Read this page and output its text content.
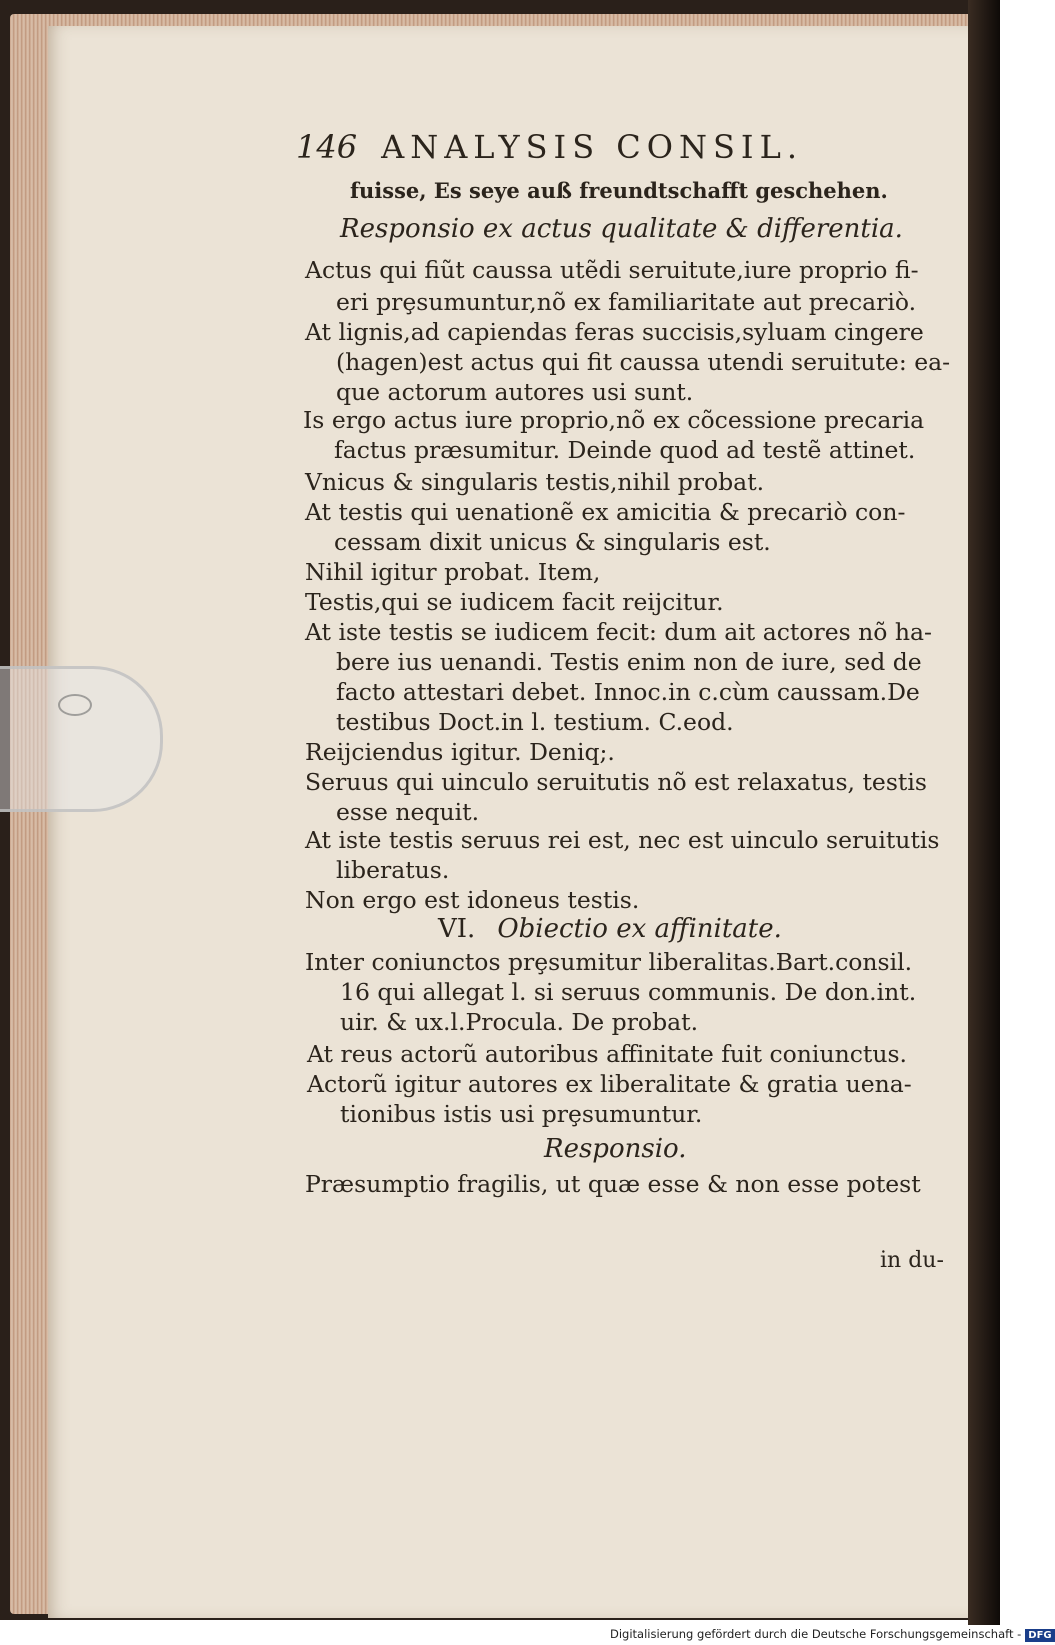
146 ANALYSIS CONSIL.
fuisse, Es seye auß freundtschafft geschehen.
Responsio ex actus qualitate & differentia.
Actus qui fiũt caussa utẽdi seruitute,iure proprio fi-
eri prȩsumuntur,nõ ex familiaritate aut precariò.
At lignis,ad capiendas feras succisis,syluam cingere
(hagen)est actus qui fit caussa utendi seruitute: ea-
que actorum autores usi sunt.
Is ergo actus iure proprio,nõ ex cõcessione precaria
factus præsumitur. Deinde quod ad testẽ attinet.
Vnicus & singularis testis,nihil probat.
At testis qui uenationẽ ex amicitia & precariò con-
cessam dixit unicus & singularis est.
Nihil igitur probat. Item,
Testis,qui se iudicem facit reijcitur.
At iste testis se iudicem fecit: dum ait actores nõ ha-
bere ius uenandi. Testis enim non de iure, sed de
facto attestari debet. Innoc.in c.cùm caussam.De
testibus Doct.in l. testium. C.eod.
Reijciendus igitur. Deniq;.
Seruus qui uinculo seruitutis nõ est relaxatus, testis
esse nequit.
At iste testis seruus rei est, nec est uinculo seruitutis
liberatus.
Non ergo est idoneus testis.
VI. Obiectio ex affinitate.
Inter coniunctos prȩsumitur liberalitas.Bart.consil.
16 qui allegat l. si seruus communis. De don.int.
uir. & ux.l.Procula. De probat.
At reus actorũ autoribus affinitate fuit coniunctus.
Actorũ igitur autores ex liberalitate & gratia uena-
tionibus istis usi prȩsumuntur.
Responsio.
Præsumptio fragilis, ut quæ esse & non esse potest
in du-
Digitalisierung gefördert durch die Deutsche Forschungsgemeinschaft - DFG
